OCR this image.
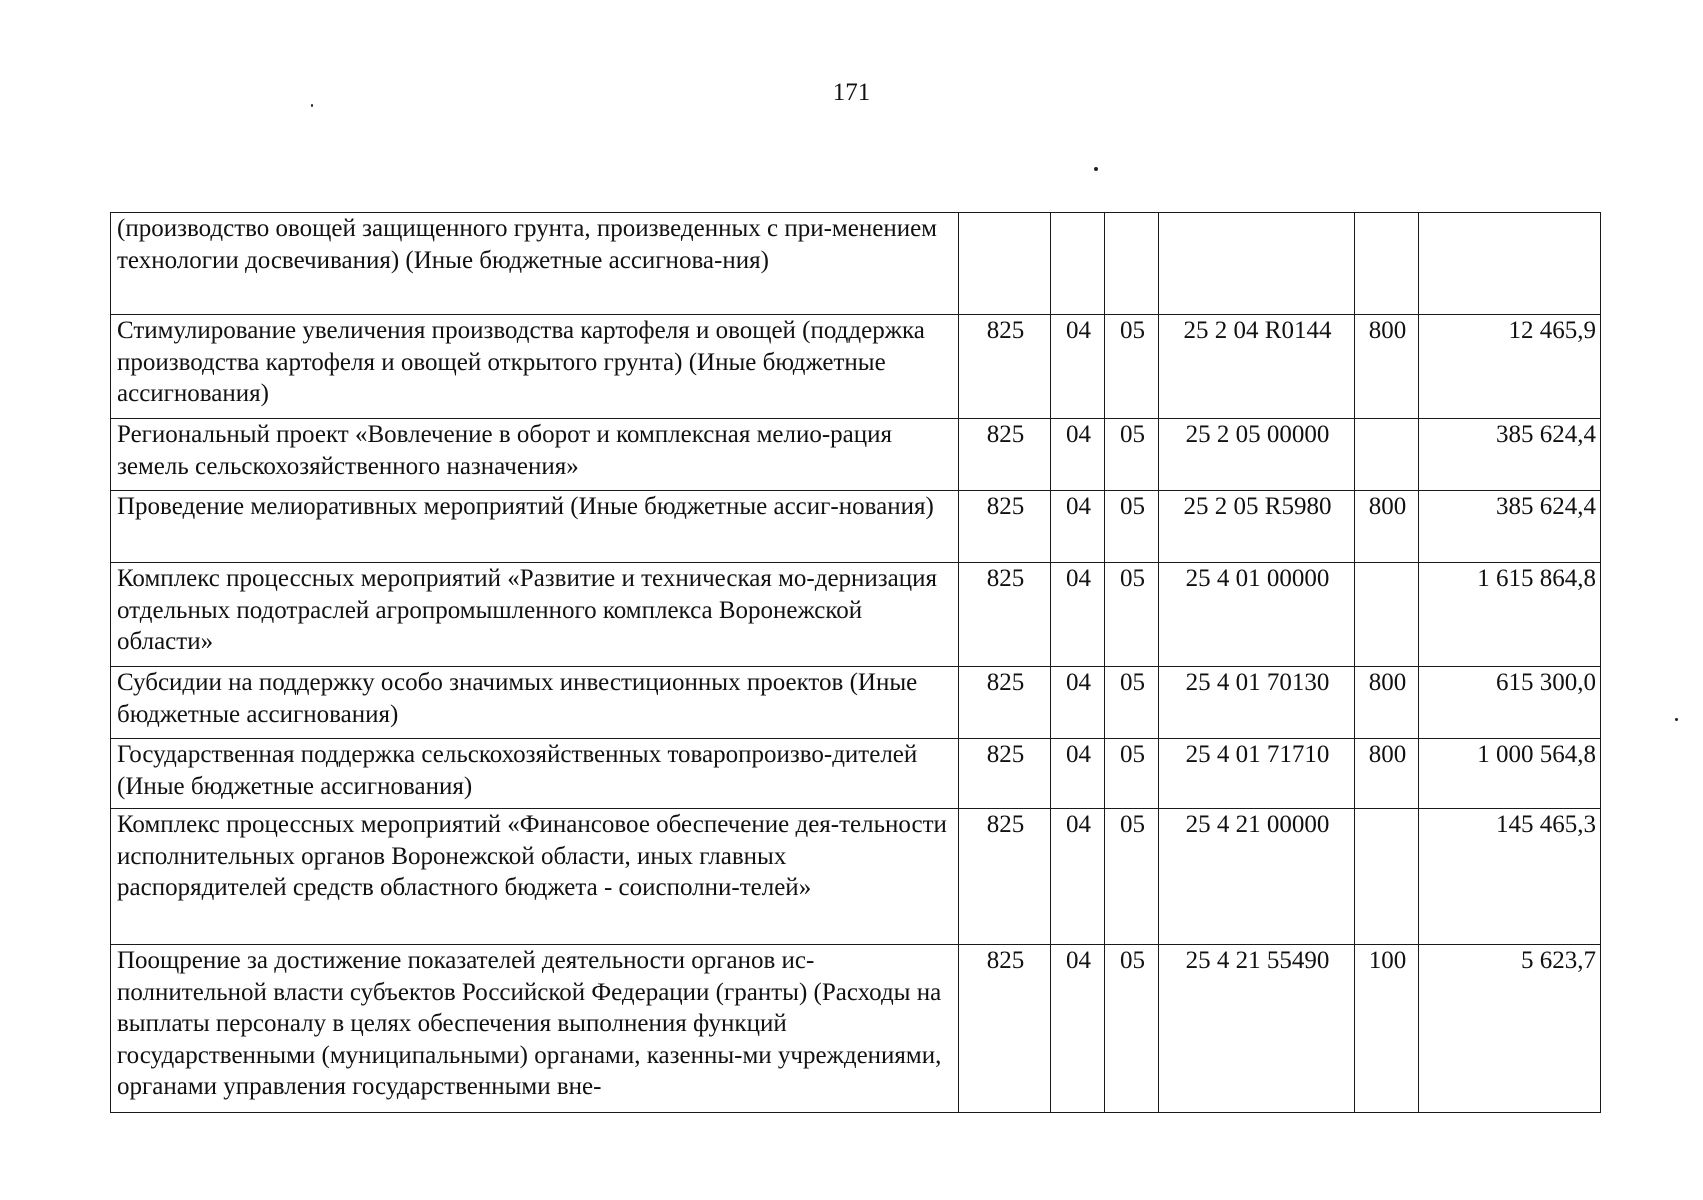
171
(производство овощей защищенного грунта, произведенных с при-менением технологии досвечивания) (Иные бюджетные ассигнова-ния)						
Стимулирование увеличения производства картофеля и овощей (поддержка производства картофеля и овощей открытого грунта) (Иные бюджетные ассигнования)	825	04	05	25 2 04 R0144	800	12 465,9
Региональный проект «Вовлечение в оборот и комплексная мелио-рация земель сельскохозяйственного назначения»	825	04	05	25 2 05 00000		385 624,4
Проведение мелиоративных мероприятий (Иные бюджетные ассиг-нования)	825	04	05	25 2 05 R5980	800	385 624,4
Комплекс процессных мероприятий «Развитие и техническая мо-дернизация отдельных подотраслей агропромышленного комплекса Воронежской области»	825	04	05	25 4 01 00000		1 615 864,8
Субсидии на поддержку особо значимых инвестиционных проектов (Иные бюджетные ассигнования)	825	04	05	25 4 01 70130	800	615 300,0
Государственная поддержка сельскохозяйственных товаропроизво-дителей (Иные бюджетные ассигнования)	825	04	05	25 4 01 71710	800	1 000 564,8
Комплекс процессных мероприятий «Финансовое обеспечение дея-тельности исполнительных органов Воронежской области, иных главных распорядителей средств областного бюджета - соисполни-телей»	825	04	05	25 4 21 00000		145 465,3
Поощрение за достижение показателей деятельности органов ис-полнительной власти субъектов Российской Федерации (гранты) (Расходы на выплаты персоналу в целях обеспечения выполнения функций государственными (муниципальными) органами, казенны-ми учреждениями, органами управления государственными вне-	825	04	05	25 4 21 55490	100	5 623,7
